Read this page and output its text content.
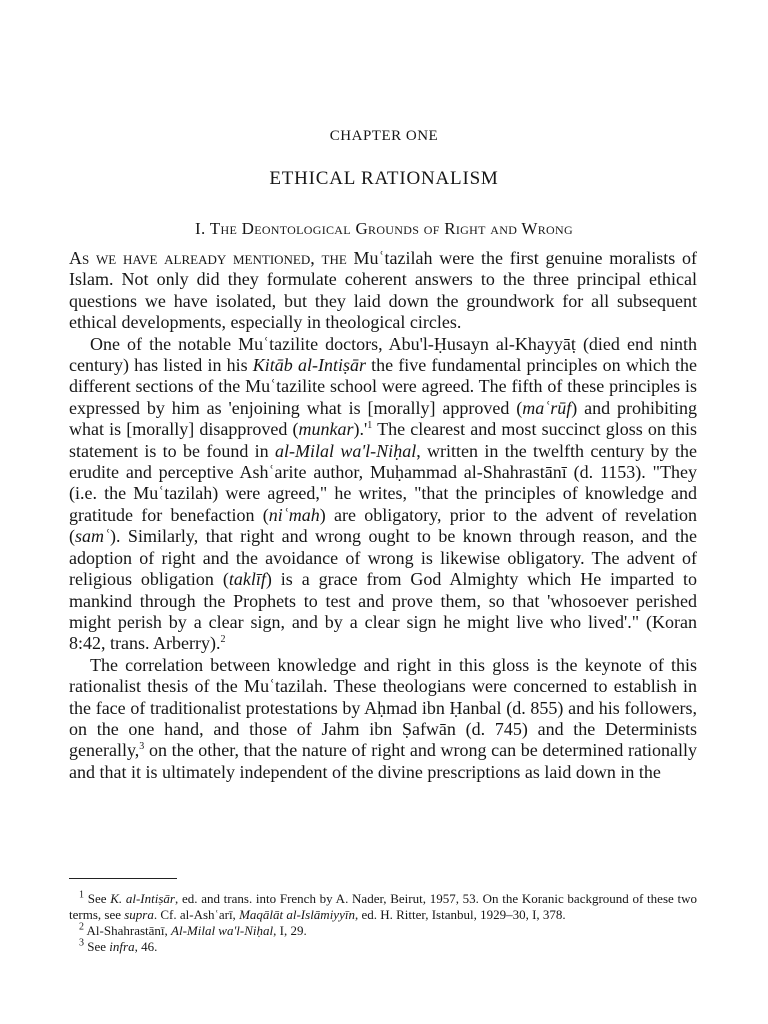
CHAPTER ONE
ETHICAL RATIONALISM
I. The Deontological Grounds of Right and Wrong

As we have already mentioned, the Muʿtazilah were the first genuine moralists of Islam. Not only did they formulate coherent answers to the three principal ethical questions we have isolated, but they laid down the groundwork for all subsequent ethical developments, especially in theological circles.

One of the notable Muʿtazilite doctors, Abu'l-Ḥusayn al-Khayyāṭ (died end ninth century) has listed in his Kitāb al-Intiṣār the five fundamental principles on which the different sections of the Muʿtazilite school were agreed. The fifth of these principles is expressed by him as 'enjoining what is [morally] approved (maʿrūf) and prohibiting what is [morally] disapproved $(munkar).'^1$ The clearest and most succinct gloss on this statement is to be found in al-Milal wa'l-Niḥal, written in the twelfth century by the erudite and perceptive Ashʿarite author, Muḥammad al-Shahrastānī (d. 1153). "They (i.e. the Muʿtazilah) were agreed," he writes, "that the principles of knowledge and gratitude for benefaction (niʿmah) are obligatory, prior to the advent of revelation (samʿ). Similarly, that right and wrong ought to be known through reason, and the adoption of right and the avoidance of wrong is likewise obligatory. The advent of religious obligation (taklīf) is a grace from God Almighty which He imparted to mankind through the Prophets to test and prove them, so that 'whosoever perished might perish by a clear sign, and by a clear sign he might live who lived'." (Koran 8:42, trans. Arberry).$^2$

The correlation between knowledge and right in this gloss is the keynote of this rationalist thesis of the Muʿtazilah. These theologians were concerned to establish in the face of traditionalist protestations by Aḥmad ibn Ḥanbal (d. 855) and his followers, on the one hand, and those of Jahm ibn Ṣafwān (d. 745) and the Determinists generally,$^3$ on the other, that the nature of right and wrong can be determined rationally and that it is ultimately independent of the divine prescriptions as laid down in the

$^1$ See K. al-Intiṣār, ed. and trans. into French by A. Nader, Beirut, 1957, 53. On the Koranic background of these two terms, see supra. Cf. al-Ashʿarī, Maqālāt al-Islāmiyyīn, ed. H. Ritter, Istanbul, 1929–30, I, 378.

$^2$ Al-Shahrastānī, Al-Milal wa'l-Niḥal, I, 29.

$^3$ See infra, 46.
